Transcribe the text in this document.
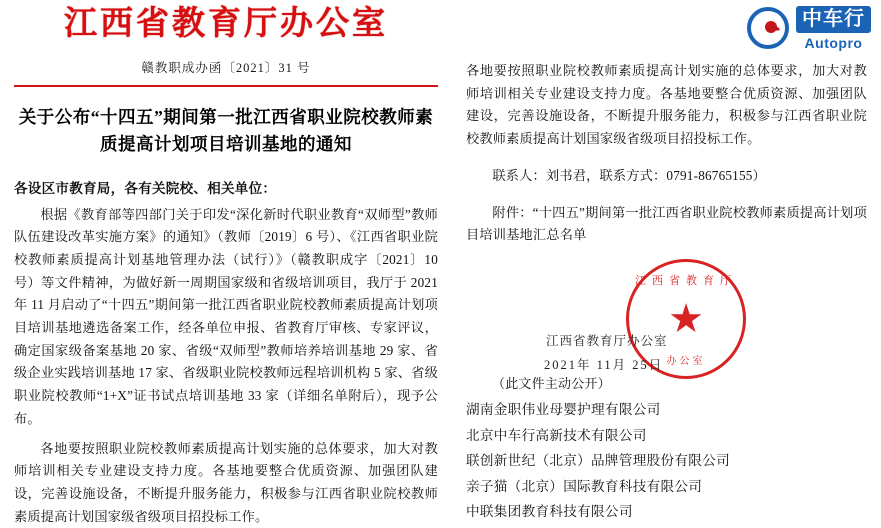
江西省教育厅办公室
赣教职成办函〔2021〕31 号
关于公布“十四五”期间第一批江西省职业院校教师素质提高计划项目培训基地的通知
各设区市教育局，各有关院校、相关单位：
根据《教育部等四部门关于印发“深化新时代职业教育“双师型”教师队伍建设改革实施方案》的通知》（教师〔2019〕6 号）、《江西省职业院校教师素质提高计划基地管理办法（试行）》（赣教职成字〔2021〕10 号）等文件精神，为做好新一周期国家级和省级培训项目，我厅于 2021 年 11 月启动了“十四五”期间第一批江西省职业院校教师素质提高计划项目培训基地遴选备案工作，经各单位申报、省教育厅审核、专家评议，确定国家级备案基地 20 家、省级“双师型”教师培养培训基地 29 家、省级企业实践培训基地 17 家、省级职业院校教师远程培训机构 5 家、省级职业院校教师“1+X”证书试点培训基地 33 家（详细名单附后），现予公布。
各地要按照职业院校教师素质提高计划实施的总体要求，加大对教师培训相关专业建设支持力度。各基地要整合优质资源、加强团队建设，完善设施设备，不断提升服务能力，积极参与江西省职业院校教师素质提高计划国家级省级项目招投标工作。
中车行
Autopro
各地要按照职业院校教师素质提高计划实施的总体要求，加大对教师培训相关专业建设支持力度。各基地要整合优质资源、加强团队建设，完善设施设备，不断提升服务能力，积极参与江西省职业院校教师素质提高计划国家级省级项目招投标工作。
联系人：刘书君，联系方式：0791-86765155）
附件：“十四五”期间第一批江西省职业院校教师素质提高计划项目培训基地汇总名单
江西省教育厅
★
办公室
江西省教育厅办公室
2021年 11月 25日
（此文件主动公开）
湖南金职伟业母婴护理有限公司
北京中车行高新技术有限公司
联创新世纪（北京）品牌管理股份有限公司
亲子猫（北京）国际教育科技有限公司
中联集团教育科技有限公司
